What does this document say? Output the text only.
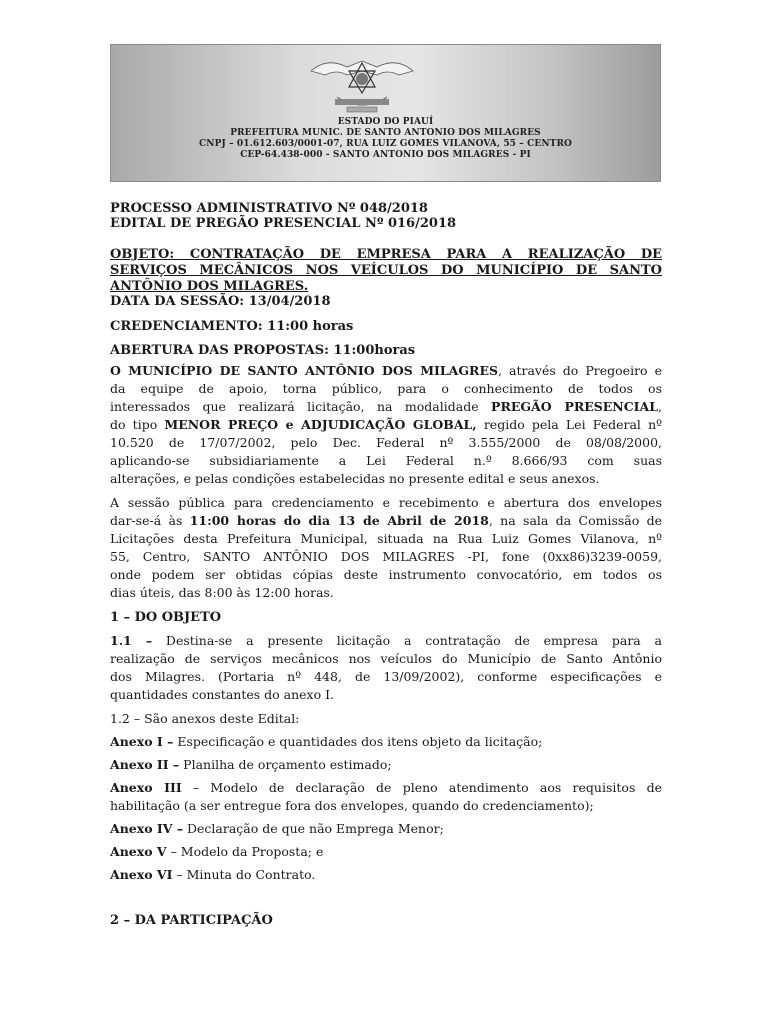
ESTADO DO PIAUÍ
PREFEITURA MUNIC. DE SANTO ANTONIO DOS MILAGRES
CNPJ – 01.612.603/0001-07, RUA LUIZ GOMES VILANOVA, 55 – CENTRO
CEP-64.438-000 - SANTO ANTONIO DOS MILAGRES - PI
PROCESSO ADMINISTRATIVO Nº 048/2018
EDITAL DE PREGÃO PRESENCIAL Nº 016/2018
OBJETO: CONTRATAÇÃO DE EMPRESA PARA A REALIZAÇÃO DE
SERVIÇOS MECÂNICOS NOS VEÍCULOS DO MUNICÍPIO DE SANTO
ANTÔNIO DOS MILAGRES.
DATA DA SESSÃO: 13/04/2018
CREDENCIAMENTO: 11:00 horas
ABERTURA DAS PROPOSTAS: 11:00horas
O MUNICÍPIO DE SANTO ANTÔNIO DOS MILAGRES, através do Pregoeiro e
da equipe de apoio, torna público, para o conhecimento de todos os
interessados que realizará licitação, na modalidade PREGÃO PRESENCIAL,
do tipo MENOR PREÇO e ADJUDICAÇÃO GLOBAL, regido pela Lei Federal nº
10.520 de 17/07/2002, pelo Dec. Federal nº 3.555/2000 de 08/08/2000,
aplicando-se subsidiariamente a Lei Federal n.º 8.666/93 com suas
alterações, e pelas condições estabelecidas no presente edital e seus anexos.
A sessão pública para credenciamento e recebimento e abertura dos envelopes
dar-se-á às 11:00 horas do dia 13 de Abril de 2018, na sala da Comissão de
Licitações desta Prefeitura Municipal, situada na Rua Luiz Gomes Vilanova, nº
55, Centro, SANTO ANTÔNIO DOS MILAGRES -PI, fone (0xx86)3239-0059,
onde podem ser obtidas cópias deste instrumento convocatório, em todos os
dias úteis, das 8:00 às 12:00 horas.
1 – DO OBJETO
1.1 – Destina-se a presente licitação a contratação de empresa para a
realização de serviços mecânicos nos veículos do Município de Santo Antônio
dos Milagres. (Portaria nº 448, de 13/09/2002), conforme especificações e
quantidades constantes do anexo I.
1.2 – São anexos deste Edital:
Anexo I – Especificação e quantidades dos itens objeto da licitação;
Anexo II – Planilha de orçamento estimado;
Anexo III – Modelo de declaração de pleno atendimento aos requisitos de
habilitação (a ser entregue fora dos envelopes, quando do credenciamento);
Anexo IV – Declaração de que não Emprega Menor;
Anexo V – Modelo da Proposta; e
Anexo VI – Minuta do Contrato.
2 – DA PARTICIPAÇÃO
